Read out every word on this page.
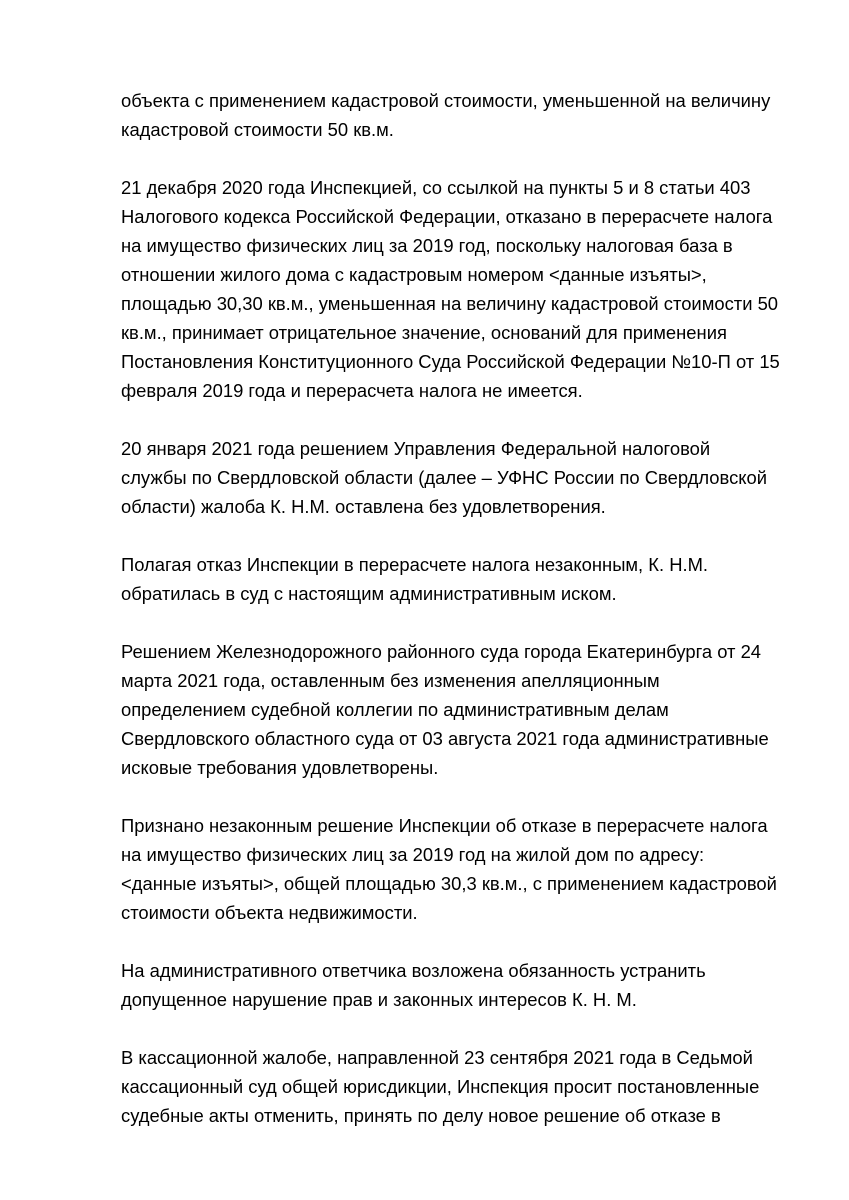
объекта с применением кадастровой стоимости, уменьшенной на величину
кадастровой стоимости 50 кв.м.
21 декабря 2020 года Инспекцией, со ссылкой на пункты 5 и 8 статьи 403
Налогового кодекса Российской Федерации, отказано в перерасчете налога
на имущество физических лиц за 2019 год, поскольку налоговая база в
отношении жилого дома с кадастровым номером <данные изъяты>,
площадью 30,30 кв.м., уменьшенная на величину кадастровой стоимости 50
кв.м., принимает отрицательное значение, оснований для применения
Постановления Конституционного Суда Российской Федерации №10-П от 15
февраля 2019 года и перерасчета налога не имеется.
20 января 2021 года решением Управления Федеральной налоговой
службы по Свердловской области (далее – УФНС России по Свердловской
области) жалоба К. Н.М. оставлена без удовлетворения.
Полагая отказ Инспекции в перерасчете налога незаконным, К. Н.М.
обратилась в суд с настоящим административным иском.
Решением Железнодорожного районного суда города Екатеринбурга от 24
марта 2021 года, оставленным без изменения апелляционным
определением судебной коллегии по административным делам
Свердловского областного суда от 03 августа 2021 года административные
исковые требования удовлетворены.
Признано незаконным решение Инспекции об отказе в перерасчете налога
на имущество физических лиц за 2019 год на жилой дом по адресу:
<данные изъяты>, общей площадью 30,3 кв.м., с применением кадастровой
стоимости объекта недвижимости.
На административного ответчика возложена обязанность устранить
допущенное нарушение прав и законных интересов К. Н. М.
В кассационной жалобе, направленной 23 сентября 2021 года в Седьмой
кассационный суд общей юрисдикции, Инспекция просит постановленные
судебные акты отменить, принять по делу новое решение об отказе в
